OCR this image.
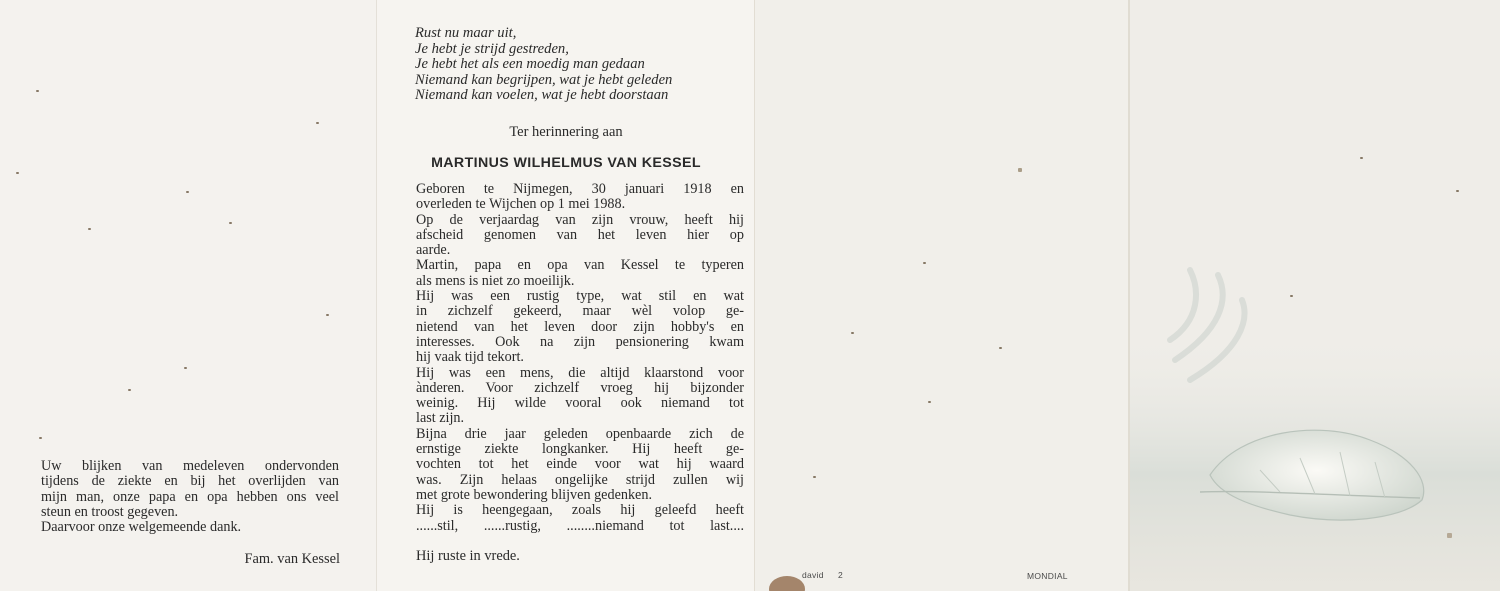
Uw blijken van medeleven ondervonden
tijdens de ziekte en bij het overlijden van
mijn man, onze papa en opa hebben ons veel
steun en troost gegeven.
Daarvoor onze welgemeende dank.
Fam. van Kessel
Rust nu maar uit,
Je hebt je strijd gestreden,
Je hebt het als een moedig man gedaan
Niemand kan begrijpen, wat je hebt geleden
Niemand kan voelen, wat je hebt doorstaan
Ter herinnering aan
MARTINUS WILHELMUS VAN KESSEL
Geboren te Nijmegen, 30 januari 1918 en
overleden te Wijchen op 1 mei 1988.
Op de verjaardag van zijn vrouw, heeft hij
afscheid genomen van het leven hier op
aarde.
Martin, papa en opa van Kessel te typeren
als mens is niet zo moeilijk.
Hij was een rustig type, wat stil en wat
in zichzelf gekeerd, maar wèl volop ge-
nietend van het leven door zijn hobby's en
interesses. Ook na zijn pensionering kwam
hij vaak tijd tekort.
Hij was een mens, die altijd klaarstond voor
ànderen. Voor zichzelf vroeg hij bijzonder
weinig. Hij wilde vooral ook niemand tot
last zijn.
Bijna drie jaar geleden openbaarde zich de
ernstige ziekte longkanker. Hij heeft ge-
vochten tot het einde voor wat hij waard
was. Zijn helaas ongelijke strijd zullen wij
met grote bewondering blijven gedenken.
Hij is heengegaan, zoals hij geleefd heeft
......stil, ......rustig, ........niemand tot last....
Hij ruste in vrede.
david 2	MONDIAL
